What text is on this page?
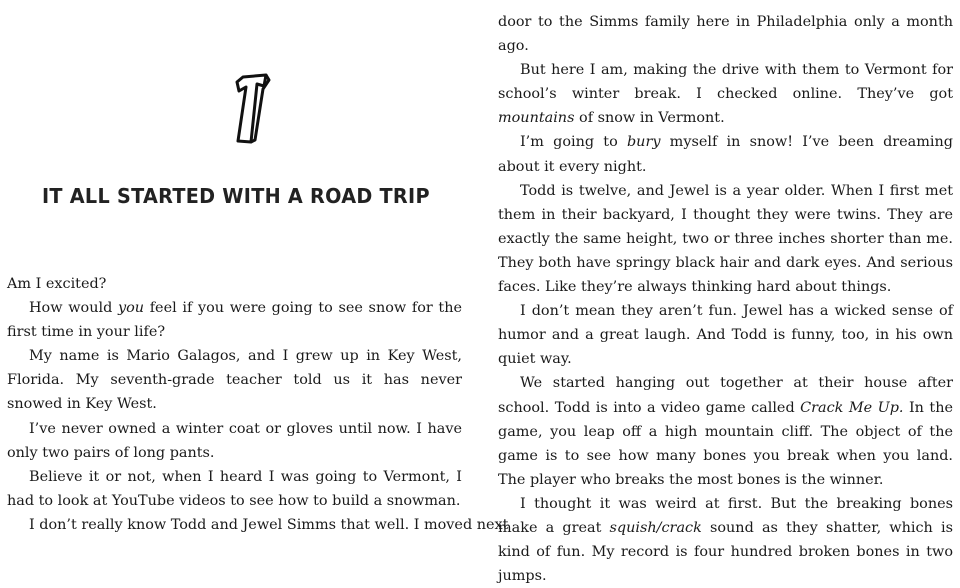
IT ALL STARTED WITH A ROAD TRIP

Am I excited?

How would you feel if you were going to see snow for the first time in your life?

My name is Mario Galagos, and I grew up in Key West, Florida. My seventh-grade teacher told us it has never snowed in Key West.

I’ve never owned a winter coat or gloves until now. I have only two pairs of long pants.

Believe it or not, when I heard I was going to Vermont, I had to look at YouTube videos to see how to build a snowman.

I don’t really know Todd and Jewel Simms that well. I moved next

door to the Simms family here in Philadelphia only a month ago.

But here I am, making the drive with them to Vermont for school’s winter break. I checked online. They’ve got mountains of snow in Vermont.

I’m going to bury myself in snow! I’ve been dreaming about it every night.

Todd is twelve, and Jewel is a year older. When I first met them in their backyard, I thought they were twins. They are exactly the same height, two or three inches shorter than me. They both have springy black hair and dark eyes. And serious faces. Like they’re always thinking hard about things.

I don’t mean they aren’t fun. Jewel has a wicked sense of humor and a great laugh. And Todd is funny, too, in his own quiet way.

We started hanging out together at their house after school. Todd is into a video game called Crack Me Up. In the game, you leap off a high mountain cliff. The object of the game is to see how many bones you break when you land. The player who breaks the most bones is the winner.

I thought it was weird at first. But the breaking bones make a great squish/crack sound as they shatter, which is kind of fun. My record is four hundred broken bones in two jumps.
